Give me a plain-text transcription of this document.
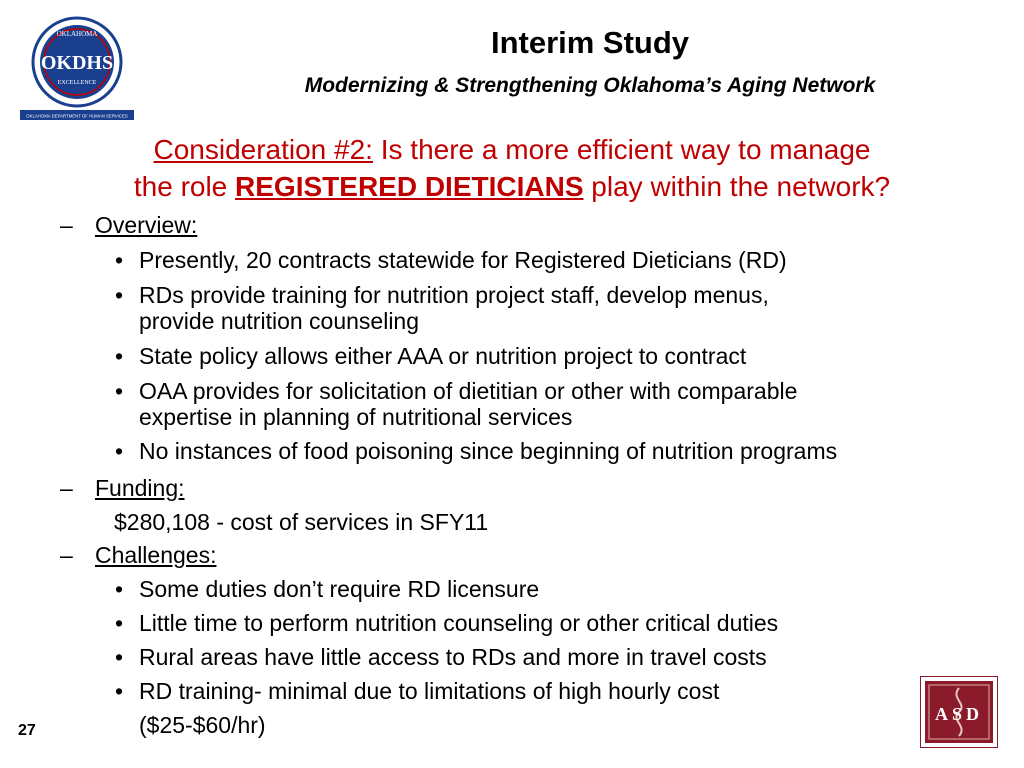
OKLAHOMA
OKDHS
EXCELLENCE
OKLAHOMA DEPARTMENT OF HUMAN SERVICES
Interim Study
Modernizing & Strengthening Oklahoma’s Aging Network
Consideration #2: Is there a more efficient way to manage
the role REGISTERED DIETICIANS play within the network?
– Overview:
• Presently, 20 contracts statewide for Registered Dieticians (RD)
• RDs provide training for nutrition project staff, develop menus,
provide nutrition counseling
• State policy allows either AAA or nutrition project to contract
• OAA provides for solicitation of dietitian or other with comparable
expertise in planning of nutritional services
• No instances of food poisoning since beginning of nutrition programs
– Funding:
$280,108 - cost of services in SFY11
– Challenges:
• Some duties don’t require RD licensure
• Little time to perform nutrition counseling or other critical duties
• Rural areas have little access to RDs and more in travel costs
• RD training- minimal due to limitations of high hourly cost
($25-$60/hr)
27
ASD
